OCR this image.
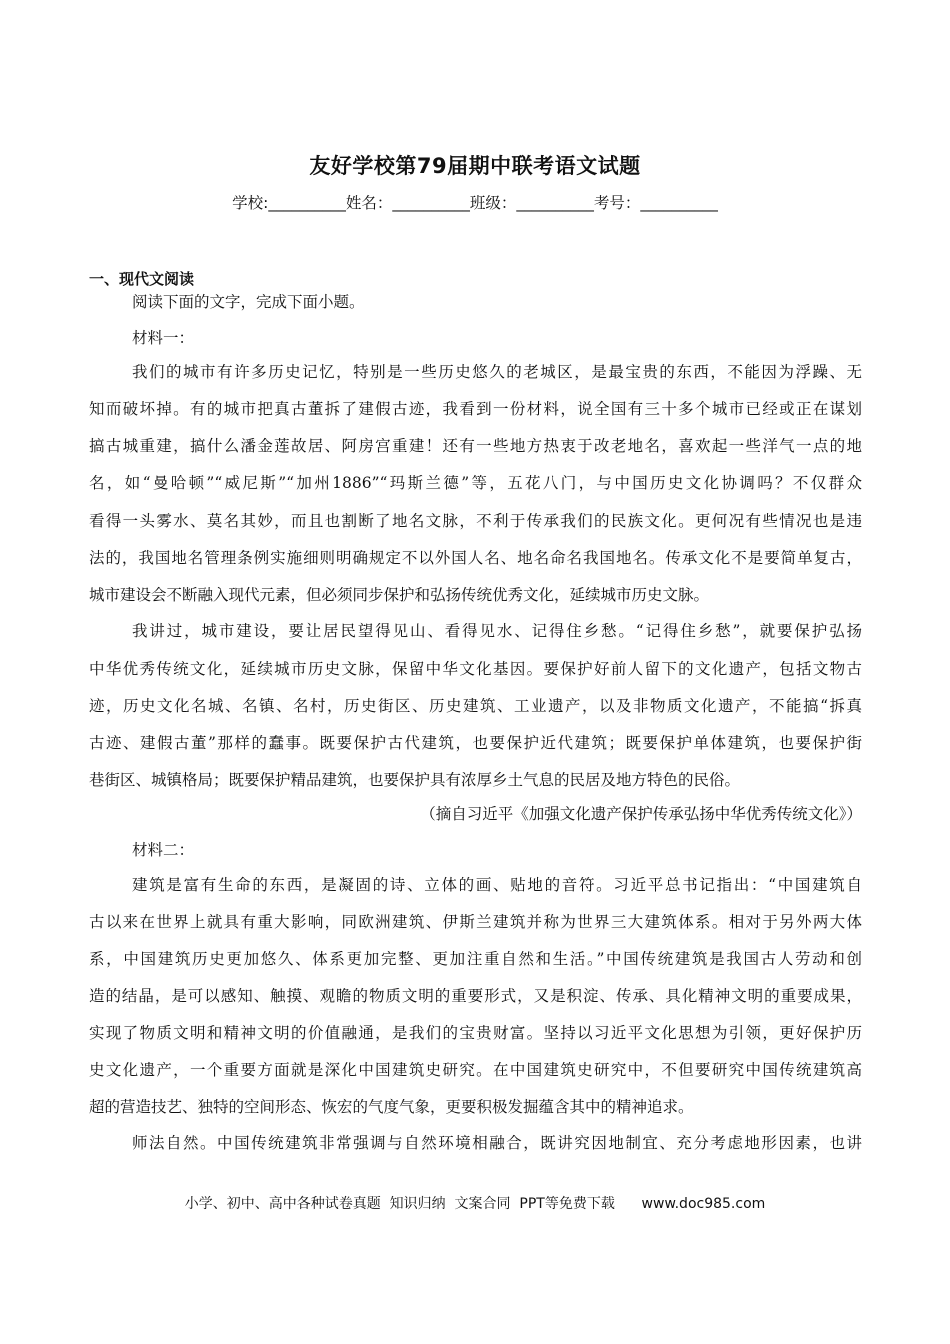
友好学校第79届期中联考语文试题
学校:__________姓名：__________班级：__________考号：__________
一、现代文阅读
阅读下面的文字，完成下面小题。
材料一：
我们的城市有许多历史记忆，特别是一些历史悠久的老城区，是最宝贵的东西，不能因为浮躁、无
知而破坏掉。有的城市把真古董拆了建假古迹，我看到一份材料，说全国有三十多个城市已经或正在谋划
搞古城重建，搞什么潘金莲故居、阿房宫重建！还有一些地方热衷于改老地名，喜欢起一些洋气一点的地
名，如“曼哈顿”“威尼斯”“加州1886”“玛斯兰德”等，五花八门，与中国历史文化协调吗？不仅群众
看得一头雾水、莫名其妙，而且也割断了地名文脉，不利于传承我们的民族文化。更何况有些情况也是违
法的，我国地名管理条例实施细则明确规定不以外国人名、地名命名我国地名。传承文化不是要简单复古，
城市建设会不断融入现代元素，但必须同步保护和弘扬传统优秀文化，延续城市历史文脉。
我讲过，城市建设，要让居民望得见山、看得见水、记得住乡愁。“记得住乡愁”，就要保护弘扬
中华优秀传统文化，延续城市历史文脉，保留中华文化基因。要保护好前人留下的文化遗产，包括文物古
迹，历史文化名城、名镇、名村，历史街区、历史建筑、工业遗产，以及非物质文化遗产，不能搞“拆真
古迹、建假古董”那样的蠢事。既要保护古代建筑，也要保护近代建筑；既要保护单体建筑，也要保护街
巷街区、城镇格局；既要保护精品建筑，也要保护具有浓厚乡土气息的民居及地方特色的民俗。
（摘自习近平《加强文化遗产保护传承弘扬中华优秀传统文化》）
材料二：
建筑是富有生命的东西，是凝固的诗、立体的画、贴地的音符。习近平总书记指出：“中国建筑自
古以来在世界上就具有重大影响，同欧洲建筑、伊斯兰建筑并称为世界三大建筑体系。相对于另外两大体
系，中国建筑历史更加悠久、体系更加完整、更加注重自然和生活。”中国传统建筑是我国古人劳动和创
造的结晶，是可以感知、触摸、观瞻的物质文明的重要形式，又是积淀、传承、具化精神文明的重要成果，
实现了物质文明和精神文明的价值融通，是我们的宝贵财富。坚持以习近平文化思想为引领，更好保护历
史文化遗产，一个重要方面就是深化中国建筑史研究。在中国建筑史研究中，不但要研究中国传统建筑高
超的营造技艺、独特的空间形态、恢宏的气度气象，更要积极发掘蕴含其中的精神追求。
师法自然。中国传统建筑非常强调与自然环境相融合，既讲究因地制宜、充分考虑地形因素，也讲
小学、初中、高中各种试卷真题  知识归纳  文案合同  PPT等免费下载      www.doc985.com
